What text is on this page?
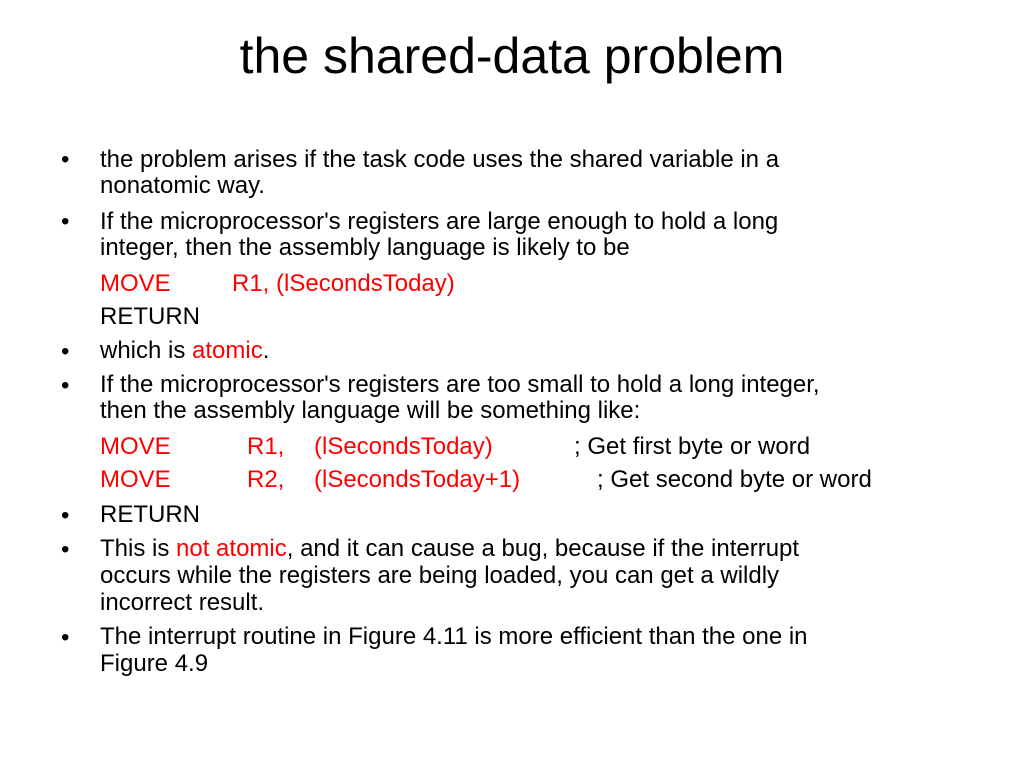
the shared-data problem
• the problem arises if the task code uses the shared variable in a
nonatomic way.
• If the microprocessor's registers are large enough to hold a long
integer, then the assembly language is likely to be
MOVE	R1, (lSecondsToday)
RETURN
• which is atomic.
• If the microprocessor's registers are too small to hold a long integer,
then the assembly language will be something like:
MOVE	R1, (lSecondsToday)	; Get first byte or word
MOVE	R2, (lSecondsToday+1)	; Get second byte or word
• RETURN
• This is not atomic, and it can cause a bug, because if the interrupt
occurs while the registers are being loaded, you can get a wildly
incorrect result.
• The interrupt routine in Figure 4.11 is more efficient than the one in
Figure 4.9
